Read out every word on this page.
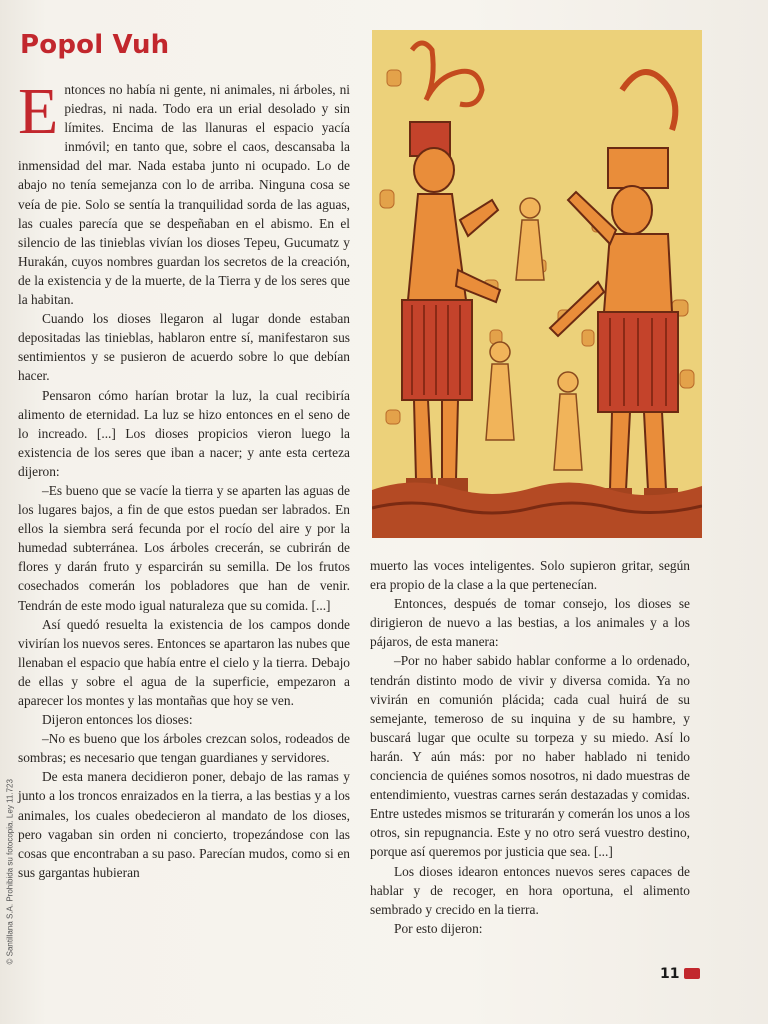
Popol Vuh

Entonces no había ni gente, ni animales, ni árboles, ni piedras, ni nada. Todo era un erial desolado y sin límites. Encima de las llanuras el espacio yacía inmóvil; en tanto que, sobre el caos, descansaba la inmensidad del mar. Nada estaba junto ni ocupado. Lo de abajo no tenía semejanza con lo de arriba. Ninguna cosa se veía de pie. Solo se sentía la tranquilidad sorda de las aguas, las cuales parecía que se despeñaban en el abismo. En el silencio de las tinieblas vivían los dioses Tepeu, Gucumatz y Hurakán, cuyos nombres guardan los secretos de la creación, de la existencia y de la muerte, de la Tierra y de los seres que la habitan.

Cuando los dioses llegaron al lugar donde estaban depositadas las tinieblas, hablaron entre sí, manifestaron sus sentimientos y se pusieron de acuerdo sobre lo que debían hacer.

Pensaron cómo harían brotar la luz, la cual recibiría alimento de eternidad. La luz se hizo entonces en el seno de lo increado. [...] Los dioses propicios vieron luego la existencia de los seres que iban a nacer; y ante esta certeza dijeron:

–Es bueno que se vacíe la tierra y se aparten las aguas de los lugares bajos, a fin de que estos puedan ser labrados. En ellos la siembra será fecunda por el rocío del aire y por la humedad subterránea. Los árboles crecerán, se cubrirán de flores y darán fruto y esparcirán su semilla. De los frutos cosechados comerán los pobladores que han de venir. Tendrán de este modo igual naturaleza que su comida. [...]

Así quedó resuelta la existencia de los campos donde vivirían los nuevos seres. Entonces se apartaron las nubes que llenaban el espacio que había entre el cielo y la tierra. Debajo de ellas y sobre el agua de la superficie, empezaron a aparecer los montes y las montañas que hoy se ven.

Dijeron entonces los dioses:

–No es bueno que los árboles crezcan solos, rodeados de sombras; es necesario que tengan guardianes y servidores.

De esta manera decidieron poner, debajo de las ramas y junto a los troncos enraizados en la tierra, a las bestias y a los animales, los cuales obedecieron al mandato de los dioses, pero vagaban sin orden ni concierto, tropezándose con las cosas que encontraban a su paso. Parecían mudos, como si en sus gargantas hubieran

muerto las voces inteligentes. Solo supieron gritar, según era propio de la clase a la que pertenecían.

Entonces, después de tomar consejo, los dioses se dirigieron de nuevo a las bestias, a los animales y a los pájaros, de esta manera:

–Por no haber sabido hablar conforme a lo ordenado, tendrán distinto modo de vivir y diversa comida. Ya no vivirán en comunión plácida; cada cual huirá de su semejante, temeroso de su inquina y de su hambre, y buscará lugar que oculte su torpeza y su miedo. Así lo harán. Y aún más: por no haber hablado ni tenido conciencia de quiénes somos nosotros, ni dado muestras de entendimiento, vuestras carnes serán destazadas y comidas. Entre ustedes mismos se triturarán y comerán los unos a los otros, sin repugnancia. Este y no otro será vuestro destino, porque así queremos por justicia que sea. [...]

Los dioses idearon entonces nuevos seres capaces de hablar y de recoger, en hora oportuna, el alimento sembrado y crecido en la tierra.

Por esto dijeron:

© Santillana S.A. Prohibida su fotocopia. Ley 11.723
11
